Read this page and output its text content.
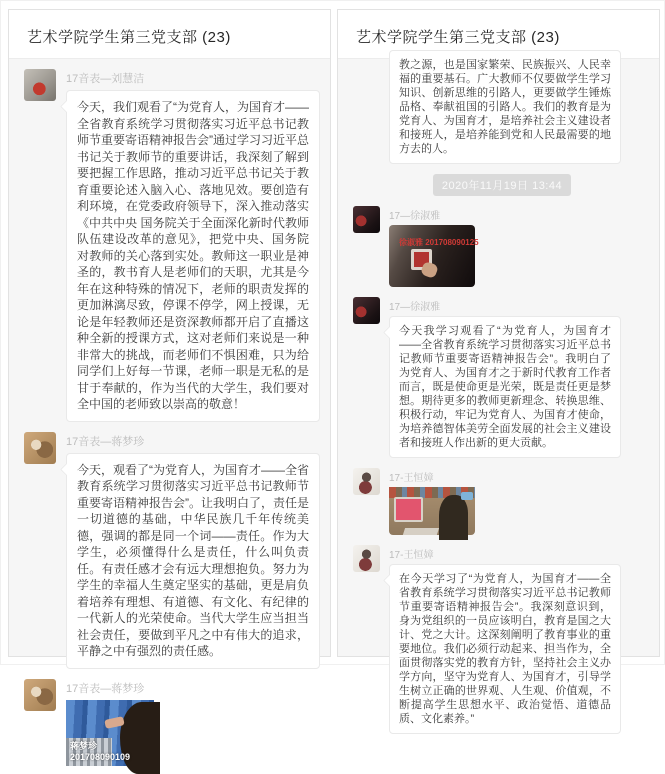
艺术学院学生第三党支部 (23)
17音表—刘慧洁
今天，我们观看了“为党育人，为国育才——全省教育系统学习贯彻落实习近平总书记教师节重要寄语精神报告会”通过学习习近平总书记关于教师节的重要讲话，我深刻了解到要把握工作思路，推动习近平总书记关于教育重要论述入脑入心、落地见效。要创造有利环境，在党委政府领导下，深入推动落实《中共中央 国务院关于全面深化新时代教师队伍建设改革的意见》，把党中央、国务院对教师的关心落到实处。教师这一职业是神圣的，教书育人是老师们的天职，尤其是今年在这种特殊的情况下，老师的职责发挥的更加淋漓尽致，停课不停学，网上授课，无论是年轻教师还是资深教师都开启了直播这种全新的授课方式，这对老师们来说是一种非常大的挑战，而老师们不惧困难，只为给同学们上好每一节课，老师一职是无私的是甘于奉献的，作为当代的大学生，我们要对全中国的老师致以崇高的敬意！
17音表—蒋梦珍
今天，观看了“为党育人，为国育才——全省教育系统学习贯彻落实习近平总书记教师节重要寄语精神报告会”。让我明白了，责任是一切道德的基础，中华民族几千年传统美德，强调的都是同一个词——责任。作为大学生，必须懂得什么是责任，什么叫负责任。有责任感才会有远大理想抱负。努力为学生的幸福人生奠定坚实的基础，更是肩负着培养有理想、有道德、有文化、有纪律的一代新人的光荣使命。当代大学生应当担当社会责任，要做到平凡之中有伟大的追求，平静之中有强烈的责任感。
17音表—蒋梦珍
蒋梦珍
201708090109
艺术学院学生第三党支部 (23)
教之源，也是国家繁荣、民族振兴、人民幸福的重要基石。广大教师不仅要做学生学习知识、创新思维的引路人，更要做学生锤炼品格、奉献祖国的引路人。我们的教育是为党育人、为国育才，是培养社会主义建设者和接班人，是培养能到党和人民最需要的地方去的人。
2020年11月19日 13:44
17—徐淑雅
徐淑雅 201708090125
17—徐淑雅
今天我学习观看了“为党育人，为国育才——全省教育系统学习贯彻落实习近平总书记教师节重要寄语精神报告会”。我明白了为党育人、为国育才之于新时代教育工作者而言，既是使命更是光荣，既是责任更是梦想。期待更多的教师更新理念、转换思维、积极行动，牢记为党育人、为国育才使命，为培养德智体美劳全面发展的社会主义建设者和接班人作出新的更大贡献。
17-王恒嫜
17-王恒嫜
在今天学习了“为党育人，为国育才——全省教育系统学习贯彻落实习近平总书记教师节重要寄语精神报告会”。我深刻意识到，身为党组织的一员应该明白，教育是国之大计、党之大计。这深刻阐明了教育事业的重要地位。我们必须行动起来、担当作为，全面贯彻落实党的教育方针，坚持社会主义办学方向，坚守为党育人、为国育才，引导学生树立正确的世界观、人生观、价值观，不断提高学生思想水平、政治觉悟、道德品质、文化素养。”
